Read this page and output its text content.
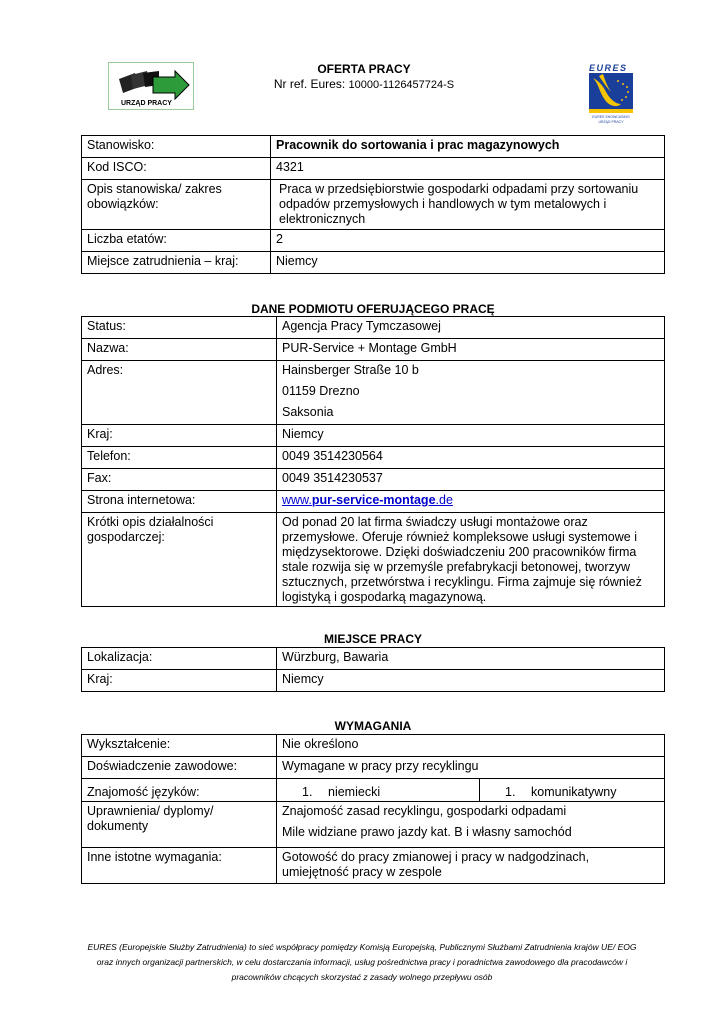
URZĄD PRACY
OFERTA PRACY
Nr ref. Eures: 10000-1126457724-S
EURES
EURES SHOWCASING
URZĄD PRACY
Stanowisko:	Pracownik do sortowania i prac magazynowych
Kod ISCO:	4321
Opis stanowiska/ zakres obowiązków:	Praca w przedsiębiorstwie gospodarki odpadami przy sortowaniu odpadów przemysłowych i handlowych w tym metalowych i elektronicznych
Liczba etatów:	2
Miejsce zatrudnienia – kraj:	Niemcy
DANE PODMIOTU OFERUJĄCEGO PRACĘ
Status:	Agencja Pracy Tymczasowej
Nazwa:	PUR-Service + Montage GmbH
Adres:	Hainsberger Straße 10 b
01159 Drezno
Saksonia

Kraj:	Niemcy
Telefon:	0049 3514230564
Fax:	0049 3514230537
Strona internetowa:	www.pur-service-montage.de
Krótki opis działalności gospodarczej:	Od ponad 20 lat firma świadczy usługi montażowe oraz przemysłowe. Oferuje również kompleksowe usługi systemowe i międzysektorowe. Dzięki doświadczeniu 200 pracowników firma stale rozwija się w przemyśle prefabrykacji betonowej, tworzyw sztucznych, przetwórstwa i recyklingu. Firma zajmuje się również logistyką i gospodarką magazynową.
MIEJSCE PRACY
Lokalizacja:	Würzburg, Bawaria
Kraj:	Niemcy
WYMAGANIA
Wykształcenie:	Nie określono	
Doświadczenie zawodowe:	Wymagane w pracy przy recyklingu	
Znajomość języków:	1. niemiecki	1. komunikatywny
Uprawnienia/ dyplomy/ dokumenty	Znajomość zasad recyklingu, gospodarki odpadami
Mile widziane prawo jazdy kat. B i własny samochód	

Inne istotne wymagania:	Gotowość do pracy zmianowej i pracy w nadgodzinach, umiejętność pracy w zespole	
EURES (Europejskie Służby Zatrudnienia) to sieć współpracy pomiędzy Komisją Europejską, Publicznymi Służbami Zatrudnienia krajów UE/ EOG
oraz innych organizacji partnerskich, w celu dostarczania informacji, usług pośrednictwa pracy i poradnictwa zawodowego dla pracodawców i
pracowników chcących skorzystać z zasady wolnego przepływu osób
